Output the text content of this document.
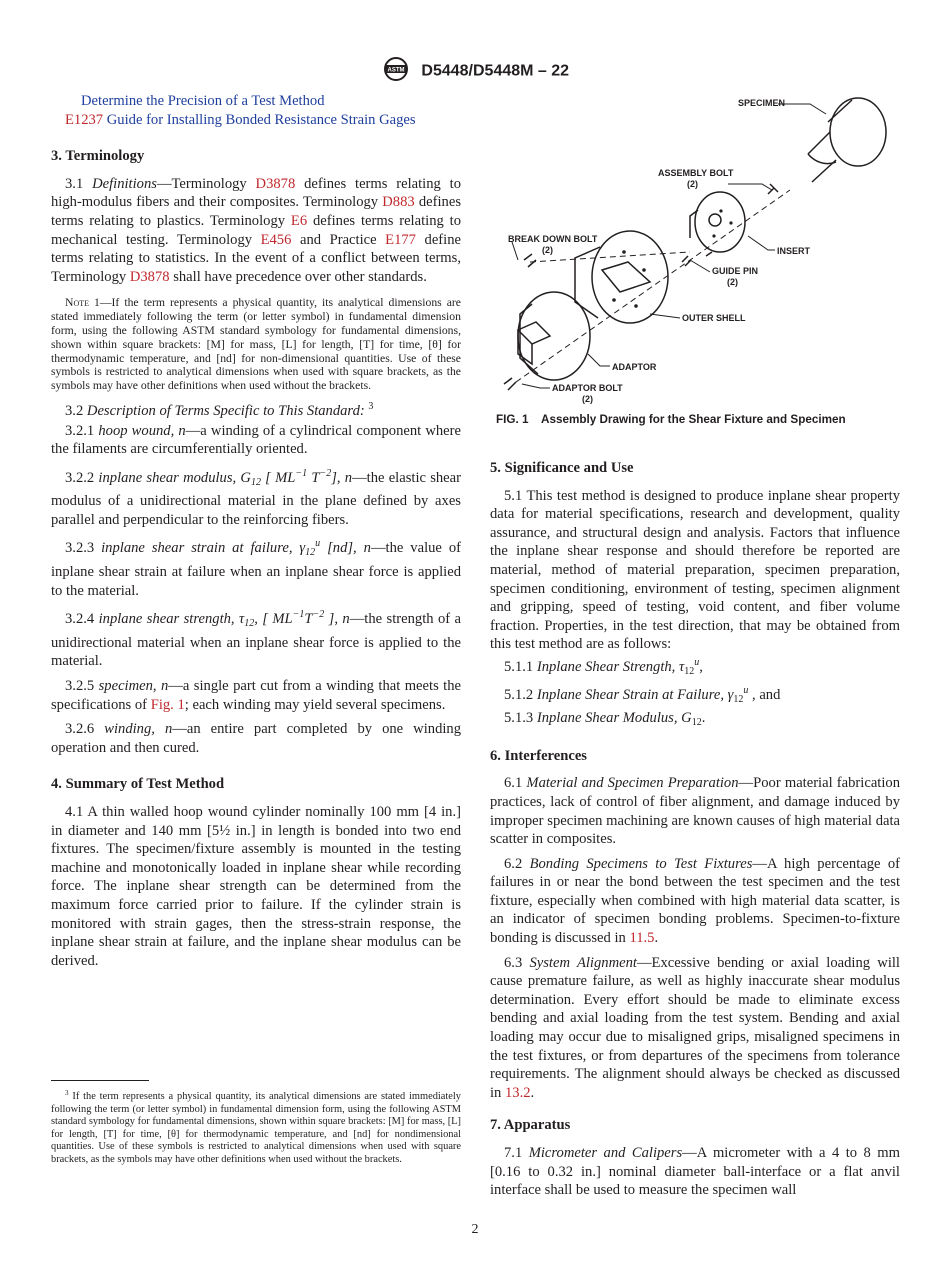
ASTM D5448/D5448M – 22

Determine the Precision of a Test Method

E1237 Guide for Installing Bonded Resistance Strain Gages

3. Terminology

3.1 Definitions—Terminology D3878 defines terms relating to high-modulus fibers and their composites. Terminology D883 defines terms relating to plastics. Terminology E6 defines terms relating to mechanical testing. Terminology E456 and Practice E177 define terms relating to statistics. In the event of a conflict between terms, Terminology D3878 shall have precedence over other standards.

Note 1—If the term represents a physical quantity, its analytical dimensions are stated immediately following the term (or letter symbol) in fundamental dimension form, using the following ASTM standard symbology for fundamental dimensions, shown within square brackets: [M] for mass, [L] for length, [T] for time, [θ] for thermodynamic temperature, and [nd] for non-dimensional quantities. Use of these symbols is restricted to analytical dimensions when used with square brackets, as the symbols may have other definitions when used without the brackets.

3.2 Description of Terms Specific to This Standard: $^3$

3.2.1 hoop wound, n—a winding of a cylindrical component where the filaments are circumferentially oriented.

3.2.2 inplane shear modulus, $G_{12}$ [ $ML^{-1}$ $T^{-2}$], n—the elastic shear modulus of a unidirectional material in the plane defined by axes parallel and perpendicular to the reinforcing fibers.

3.2.3 inplane shear strain at failure, $\gamma_{12}^u$ [nd], n—the value of inplane shear strain at failure when an inplane shear force is applied to the material.

3.2.4 inplane shear strength, $\tau_{12}$, [ $ML^{-1}T^{-2}$ ], n—the strength of a unidirectional material when an inplane shear force is applied to the material.

3.2.5 specimen, n—a single part cut from a winding that meets the specifications of Fig. 1; each winding may yield several specimens.

3.2.6 winding, n—an entire part completed by one winding operation and then cured.

4. Summary of Test Method

4.1 A thin walled hoop wound cylinder nominally 100 mm [4 in.] in diameter and 140 mm [5½ in.] in length is bonded into two end fixtures. The specimen/fixture assembly is mounted in the testing machine and monotonically loaded in inplane shear while recording force. The inplane shear strength can be determined from the maximum force carried prior to failure. If the cylinder strain is monitored with strain gages, then the stress-strain response, the inplane shear strain at failure, and the inplane shear modulus can be derived.

$^3$ If the term represents a physical quantity, its analytical dimensions are stated immediately following the term (or letter symbol) in fundamental dimension form, using the following ASTM standard symbology for fundamental dimensions, shown within square brackets: [M] for mass, [L] for length, [T] for time, [θ] for thermodynamic temperature, and [nd] for nondimensional quantities. Use of these symbols is restricted to analytical dimensions when used with square brackets, as the symbols may have other definitions when used without the brackets.

SPECIMEN
ASSEMBLY BOLT
(2)
INSERT
BREAK DOWN BOLT
(2)
GUIDE PIN
(2)
OUTER SHELL
ADAPTOR
ADAPTOR BOLT
(2)
FIG. 1    Assembly Drawing for the Shear Fixture and Specimen
5. Significance and Use

5.1 This test method is designed to produce inplane shear property data for material specifications, research and development, quality assurance, and structural design and analysis. Factors that influence the inplane shear response and should therefore be reported are material, method of material preparation, specimen preparation, specimen conditioning, environment of testing, specimen alignment and gripping, speed of testing, void content, and fiber volume fraction. Properties, in the test direction, that may be obtained from this test method are as follows:

5.1.1 Inplane Shear Strength, $\tau_{12}^u$,

5.1.2 Inplane Shear Strain at Failure, $\gamma_{12}^u$ , and

5.1.3 Inplane Shear Modulus, $G_{12}$.

6. Interferences

6.1 Material and Specimen Preparation—Poor material fabrication practices, lack of control of fiber alignment, and damage induced by improper specimen machining are known causes of high material data scatter in composites.

6.2 Bonding Specimens to Test Fixtures—A high percentage of failures in or near the bond between the test specimen and the test fixture, especially when combined with high material data scatter, is an indicator of specimen bonding problems. Specimen-to-fixture bonding is discussed in 11.5.

6.3 System Alignment—Excessive bending or axial loading will cause premature failure, as well as highly inaccurate shear modulus determination. Every effort should be made to eliminate excess bending and axial loading from the test system. Bending and axial loading may occur due to misaligned grips, misaligned specimens in the test fixtures, or from departures of the specimens from tolerance requirements. The alignment should always be checked as discussed in 13.2.

7. Apparatus

7.1 Micrometer and Calipers—A micrometer with a 4 to 8 mm [0.16 to 0.32 in.] nominal diameter ball-interface or a flat anvil interface shall be used to measure the specimen wall

2
